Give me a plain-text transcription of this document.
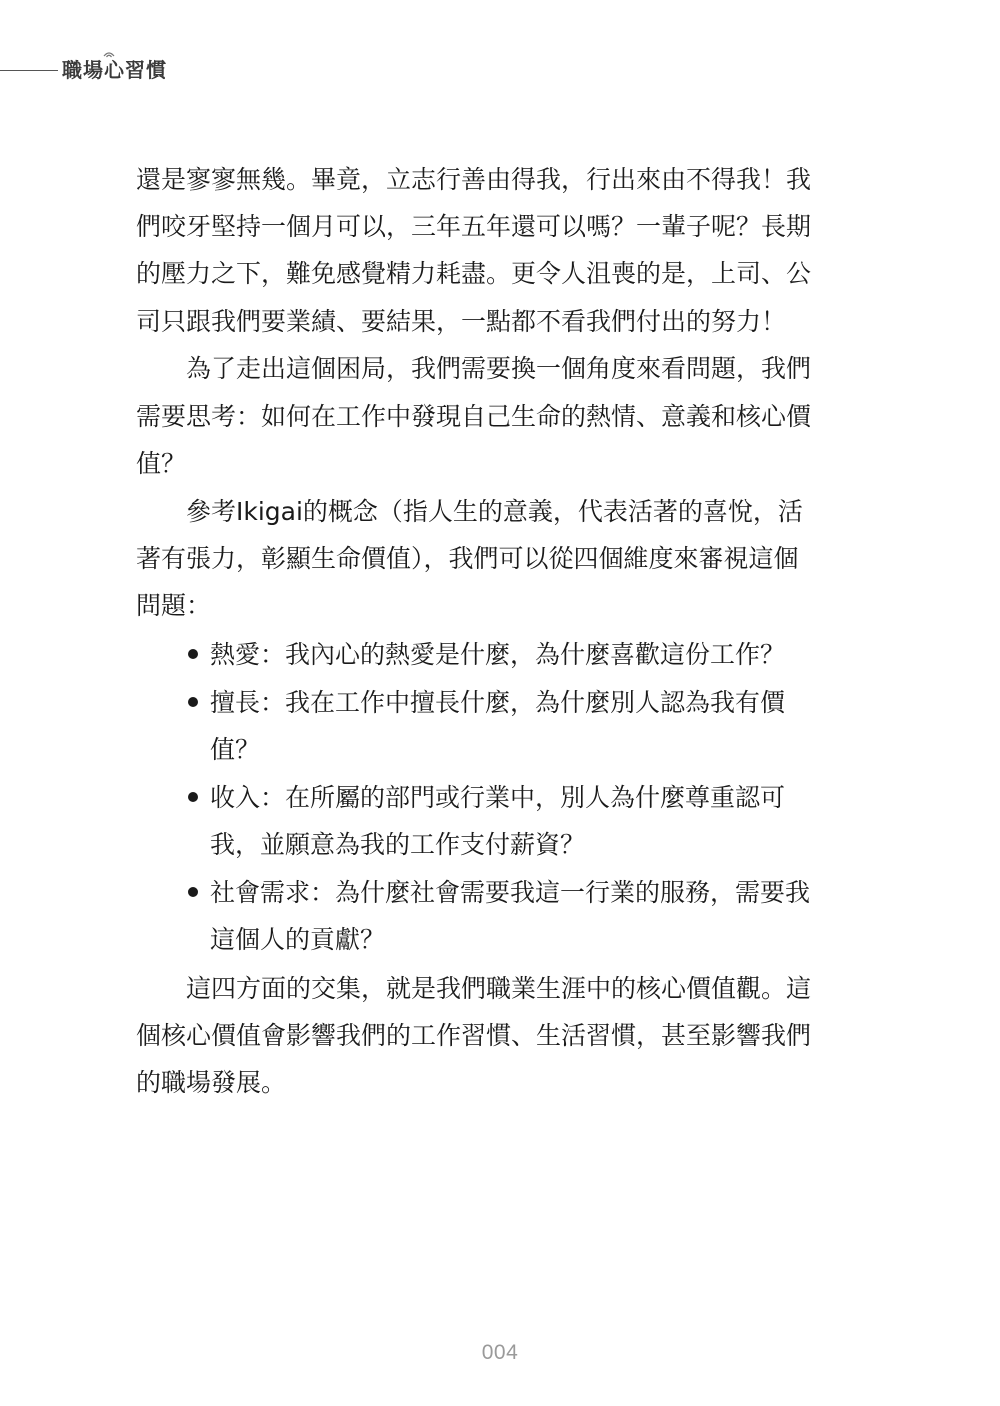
職場心習慣
還是寥寥無幾。畢竟，立志行善由得我，行出來由不得我！我
們咬牙堅持一個月可以，三年五年還可以嗎？一輩子呢？長期
的壓力之下，難免感覺精力耗盡。更令人沮喪的是，上司、公
司只跟我們要業績、要結果，一點都不看我們付出的努力！
為了走出這個困局，我們需要換一個角度來看問題，我們
需要思考：如何在工作中發現自己生命的熱情、意義和核心價
值？
參考Ikigai的概念（指人生的意義，代表活著的喜悅，活
著有張力，彰顯生命價值），我們可以從四個維度來審視這個
問題：
熱愛：我內心的熱愛是什麼，為什麼喜歡這份工作？
擅長：我在工作中擅長什麼，為什麼別人認為我有價
值？
收入：在所屬的部門或行業中，別人為什麼尊重認可
我，並願意為我的工作支付薪資？
社會需求：為什麼社會需要我這一行業的服務，需要我
這個人的貢獻？
這四方面的交集，就是我們職業生涯中的核心價值觀。這
個核心價值會影響我們的工作習慣、生活習慣，甚至影響我們
的職場發展。
004
